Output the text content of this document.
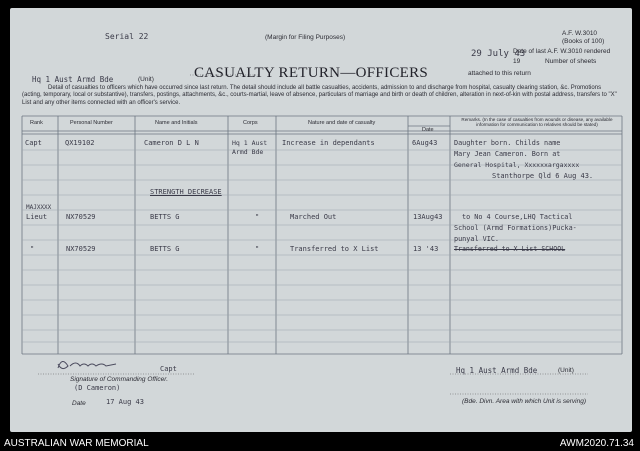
Serial 22	(Margin for Filing Purposes)
A.F. W.3010
(Books of 100)
Hq 1 Aust Armd Bde	(Unit)	CASUALTY RETURN—OFFICERS
29 July 43
Date of last A.F. W.3010 rendered
19	Number of sheets
attached to this return
Detail of casualties to officers which have occurred since last return. The detail should include all battle casualties, accidents, admission to and discharge from hospital, casualty clearing station, &c. Promotions (acting, temporary, local or substantive), transfers, postings, attachments, &c., courts-martial, leave of absence, particulars of marriage and birth or death of children, alteration in next-of-kin with postal address, transfers to "X" List and any other items connected with an officer's service.
Rank	Personal Number	Name and Initials	Corps	Nature and date of casualty
Date
Remarks. (In the case of casualties from wounds or disease, any available information for communication to relatives should be stated)
Capt	QX19102	Cameron D L N	Hq 1 Aust
Armd Bde
Increase in dependants	6Aug43 Daughter born. Childs name
Mary Jean Cameron. Born at
General Hospital, Xxxxxxargaxxxx
Stanthorpe Qld 6 Aug 43.
STRENGTH DECREASE
MAJXXXX
Lieut	NX70529	BETTS G	"	Marched Out	13Aug43	to No 4 Course,LHQ Tactical
School (Armd Formations)Pucka-
punyal VIC.
"	NX70529	BETTS G	"	Transferred to X List	13 '43 Transferred to X List SCHOOL
Capt
Signature of Commanding Officer.
(D Cameron)
Date	17 Aug 43
Hq 1 Aust Armd Bde	(Unit)
(Bde. Divn. Area with which Unit is serving)
AUSTRALIAN WAR MEMORIAL	AWM2020.71.34
